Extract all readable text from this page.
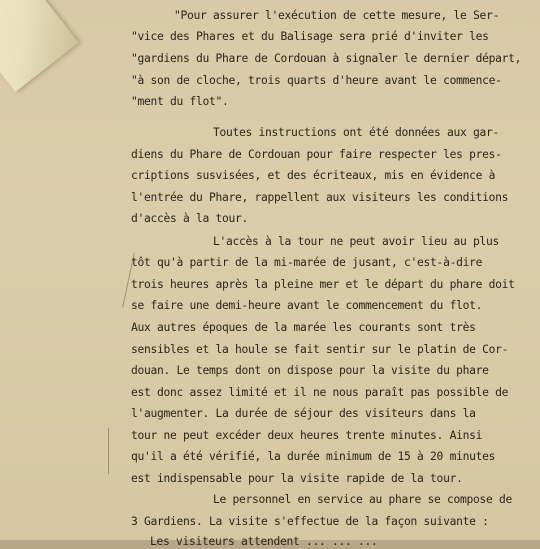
"Pour assurer l'exécution de cette mesure, le Ser-

"vice des Phares et du Balisage sera prié d'inviter les

"gardiens du Phare de Cordouan à signaler le dernier départ,

"à son de cloche, trois quarts d'heure avant le commence-

"ment du flot".

Toutes instructions ont été données aux gar-

diens du Phare de Cordouan pour faire respecter les pres-

criptions susvisées, et des écriteaux, mis en évidence à

l'entrée du Phare, rappellent aux visiteurs les conditions

d'accès à la tour.

L'accès à la tour ne peut avoir lieu au plus

tôt qu'à partir de la mi-marée de jusant, c'est-à-dire

trois heures après la pleine mer et le départ du phare doit

se faire une demi-heure avant le commencement du flot.

Aux autres époques de la marée les courants sont très

sensibles et la houle se fait sentir sur le platin de Cor-

douan. Le temps dont on dispose pour la visite du phare

est donc assez limité et il ne nous paraît pas possible de

l'augmenter. La durée de séjour des visiteurs dans la

tour ne peut excéder deux heures trente minutes. Ainsi

qu'il a été vérifié, la durée minimum de 15 à 20 minutes

est indispensable pour la visite rapide de la tour.

Le personnel en service au phare se compose de

3 Gardiens. La visite s'effectue de la façon suivante :

Les visiteurs attendent ... ... ...
